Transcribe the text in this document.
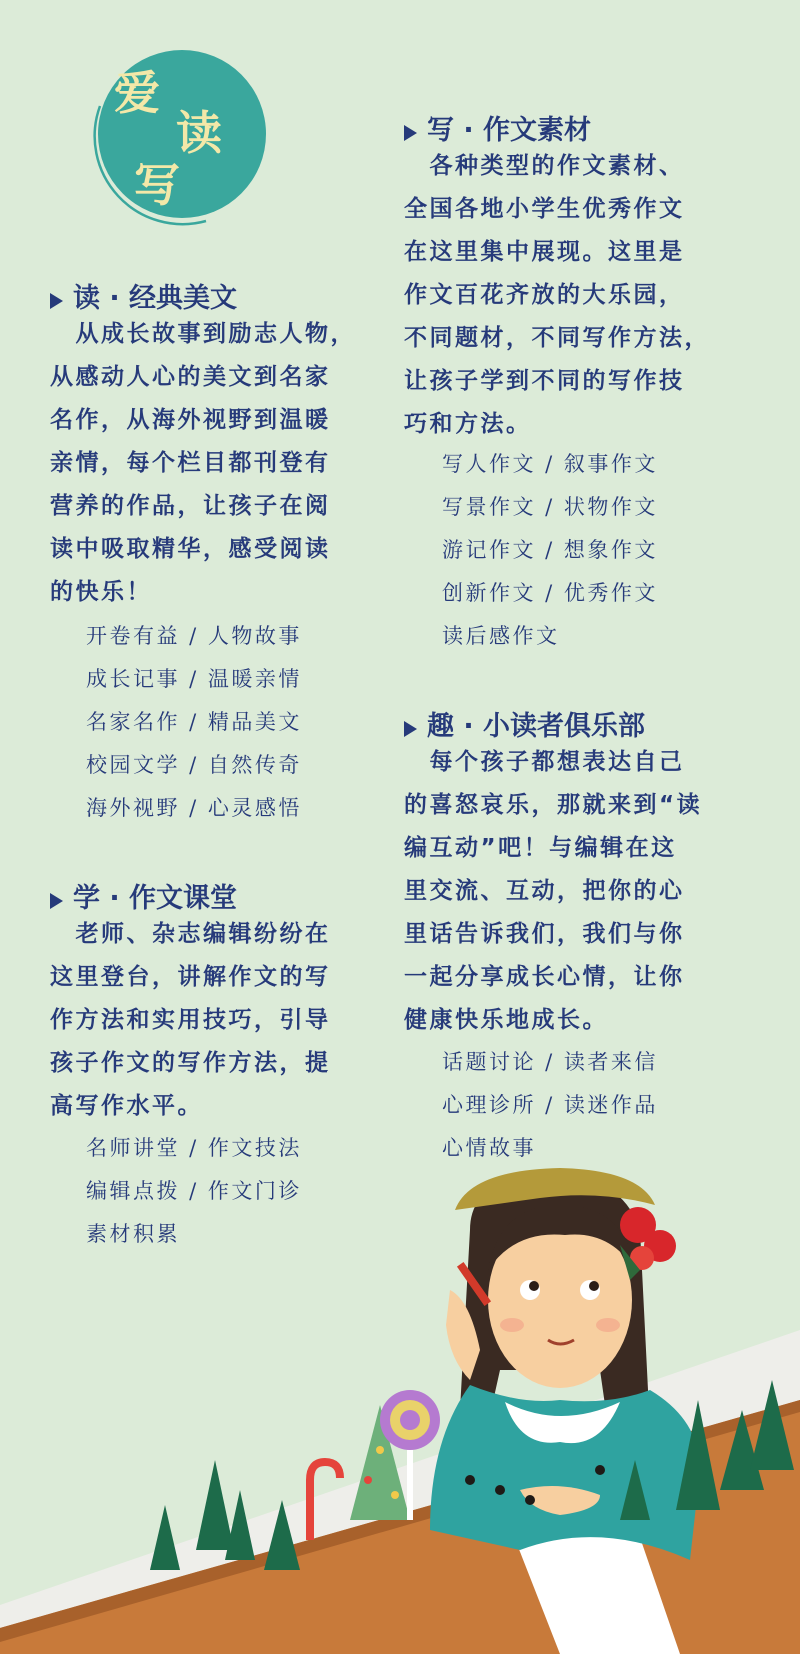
爱
读
写
读 · 经典美文
　从成长故事到励志人物，
从感动人心的美文到名家
名作，从海外视野到温暖
亲情，每个栏目都刊登有
营养的作品，让孩子在阅
读中吸取精华，感受阅读
的快乐！
开卷有益 / 人物故事
成长记事 / 温暖亲情
名家名作 / 精品美文
校园文学 / 自然传奇
海外视野 / 心灵感悟
学 · 作文课堂
　老师、杂志编辑纷纷在
这里登台，讲解作文的写
作方法和实用技巧，引导
孩子作文的写作方法，提
高写作水平。
名师讲堂 / 作文技法
编辑点拨 / 作文门诊
素材积累
写 · 作文素材
　各种类型的作文素材、
全国各地小学生优秀作文
在这里集中展现。这里是
作文百花齐放的大乐园，
不同题材，不同写作方法，
让孩子学到不同的写作技
巧和方法。
写人作文 / 叙事作文
写景作文 / 状物作文
游记作文 / 想象作文
创新作文 / 优秀作文
读后感作文
趣 · 小读者俱乐部
　每个孩子都想表达自己
的喜怒哀乐，那就来到“读
编互动”吧！与编辑在这
里交流、互动，把你的心
里话告诉我们，我们与你
一起分享成长心情，让你
健康快乐地成长。
话题讨论 / 读者来信
心理诊所 / 读迷作品
心情故事
